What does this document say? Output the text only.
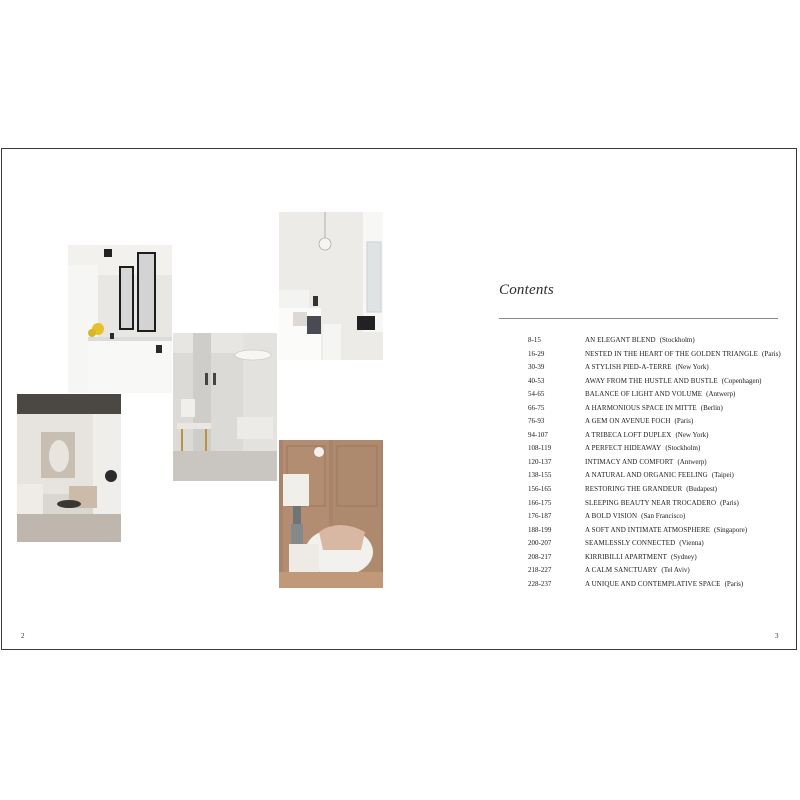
Contents
8-15	AN ELEGANT BLEND (Stockholm)
16-29	NESTED IN THE HEART OF THE GOLDEN TRIANGLE (Paris)
30-39	A STYLISH PIED-A-TERRE (New York)
40-53	AWAY FROM THE HUSTLE AND BUSTLE (Copenhagen)
54-65	BALANCE OF LIGHT AND VOLUME (Antwerp)
66-75	A HARMONIOUS SPACE IN MITTE (Berlin)
76-93	A GEM ON AVENUE FOCH (Paris)
94-107	A TRIBECA LOFT DUPLEX (New York)
108-119	A PERFECT HIDEAWAY (Stockholm)
120-137	INTIMACY AND COMFORT (Antwerp)
138-155	A NATURAL AND ORGANIC FEELING (Taipei)
156-165	RESTORING THE GRANDEUR (Budapest)
166-175	SLEEPING BEAUTY NEAR TROCADERO (Paris)
176-187	A BOLD VISION (San Francisco)
188-199	A SOFT AND INTIMATE ATMOSPHERE (Singapore)
200-207	SEAMLESSLY CONNECTED (Vienna)
208-217	KIRRIBILLI APARTMENT (Sydney)
218-227	A CALM SANCTUARY (Tel Aviv)
228-237	A UNIQUE AND CONTEMPLATIVE SPACE (Paris)
2	3
